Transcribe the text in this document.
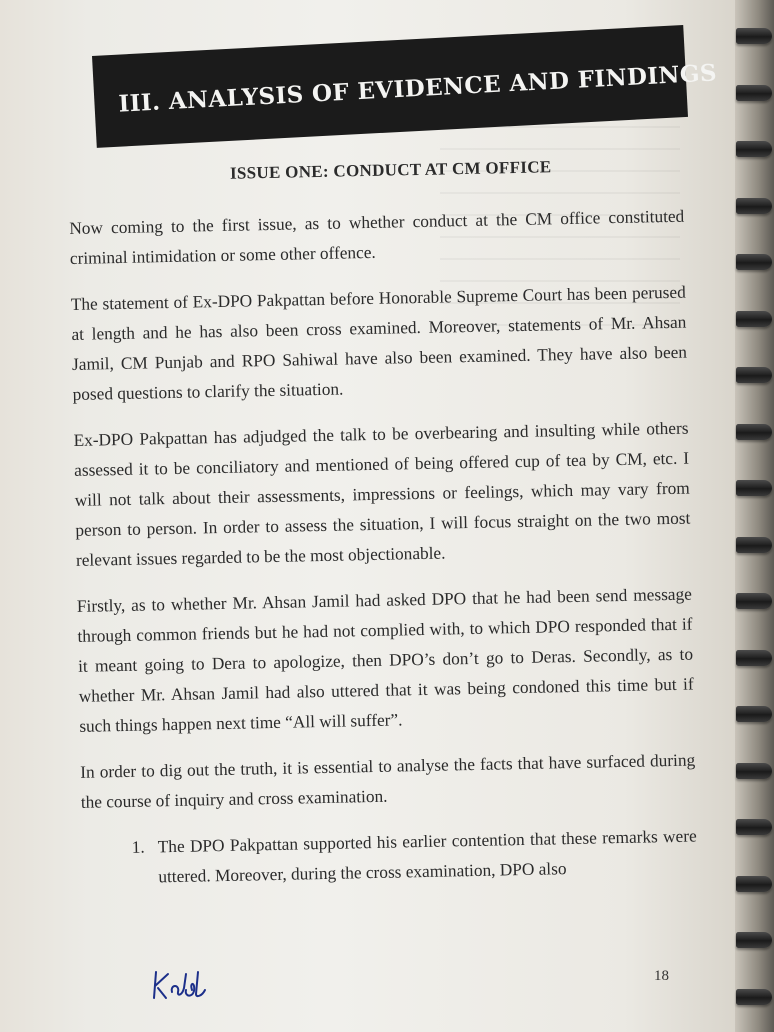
III. ANALYSIS OF EVIDENCE AND FINDINGS
ISSUE ONE: CONDUCT AT CM OFFICE

Now coming to the first issue, as to whether conduct at the CM office constituted criminal intimidation or some other offence.

The statement of Ex-DPO Pakpattan before Honorable Supreme Court has been perused at length and he has also been cross examined. Moreover, statements of Mr. Ahsan Jamil, CM Punjab and RPO Sahiwal have also been examined. They have also been posed questions to clarify the situation.

Ex-DPO Pakpattan has adjudged the talk to be overbearing and insulting while others assessed it to be conciliatory and mentioned of being offered cup of tea by CM, etc. I will not talk about their assessments, impressions or feelings, which may vary from person to person. In order to assess the situation, I will focus straight on the two most relevant issues regarded to be the most objectionable.

Firstly, as to whether Mr. Ahsan Jamil had asked DPO that he had been send message through common friends but he had not complied with, to which DPO responded that if it meant going to Dera to apologize, then DPO’s don’t go to Deras. Secondly, as to whether Mr. Ahsan Jamil had also uttered that it was being condoned this time but if such things happen next time “All will suffer”.

In order to dig out the truth, it is essential to analyse the facts that have surfaced during the course of inquiry and cross examination.

1. The DPO Pakpattan supported his earlier contention that these remarks were uttered. Moreover, during the cross examination, DPO also
18
